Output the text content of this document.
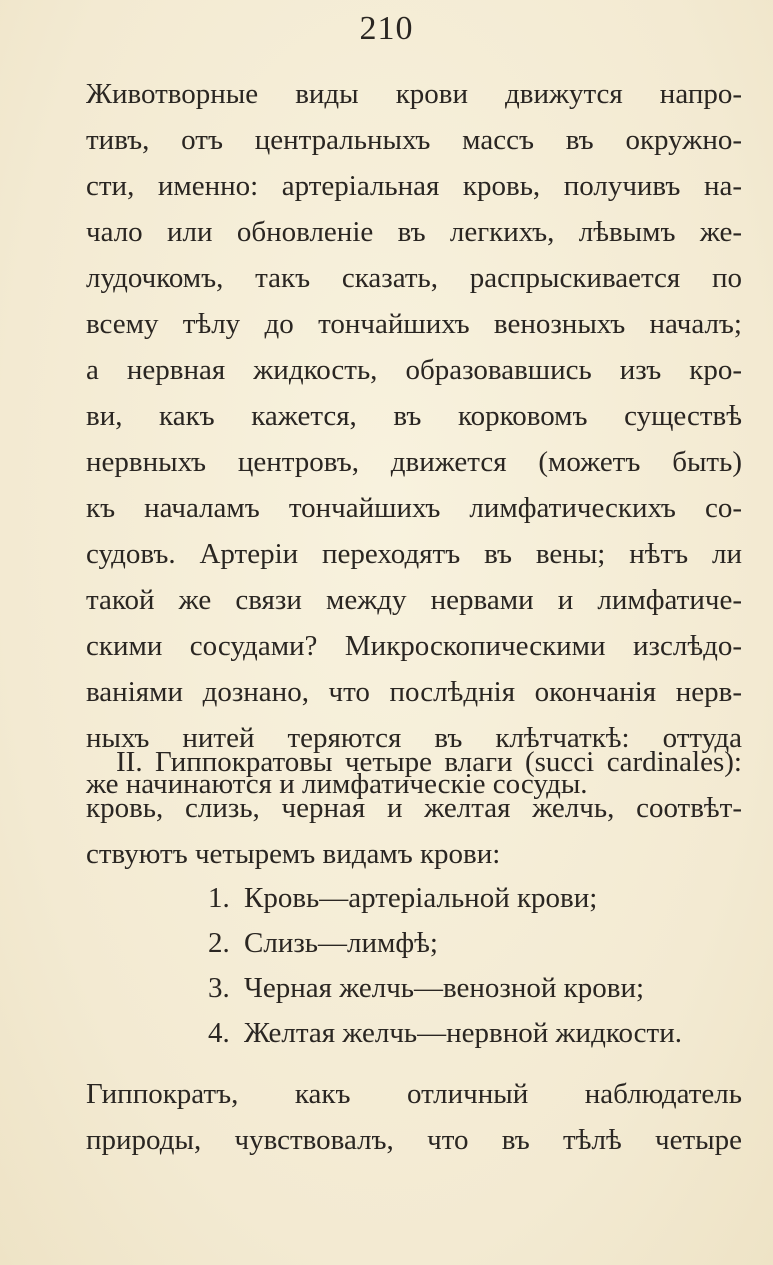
210
Животворные виды крови движутся напро-
тивъ, отъ центральныхъ массъ въ окружно-
сти, именно: артеріальная кровь, получивъ на-
чало или обновленіе въ легкихъ, лѣвымъ же-
лудочкомъ, такъ сказать, распрыскивается по
всему тѣлу до тончайшихъ венозныхъ началъ;
а нервная жидкость, образовавшись изъ кро-
ви, какъ кажется, въ корковомъ существѣ
нервныхъ центровъ, движется (можетъ быть)
къ началамъ тончайшихъ лимфатическихъ со-
судовъ. Артеріи переходятъ въ вены; нѣтъ ли
такой же связи между нервами и лимфатиче-
скими сосудами? Микроскопическими изслѣдо-
ваніями дознано, что послѣднія окончанія нерв-
ныхъ нитей теряются въ клѣтчаткѣ: оттуда
же начинаются и лимфатическіе сосуды.
II. Гиппократовы четыре влаги (succi cardinales):
кровь, слизь, черная и желтая желчь, соотвѣт-
ствуютъ четыремъ видамъ крови:
1. Кровь—артеріальной крови;
2. Слизь—лимфѣ;
3. Черная желчь—венозной крови;
4. Желтая желчь—нервной жидкости.
Гиппократъ, какъ отличный наблюдатель
природы, чувствовалъ, что въ тѣлѣ четыре
